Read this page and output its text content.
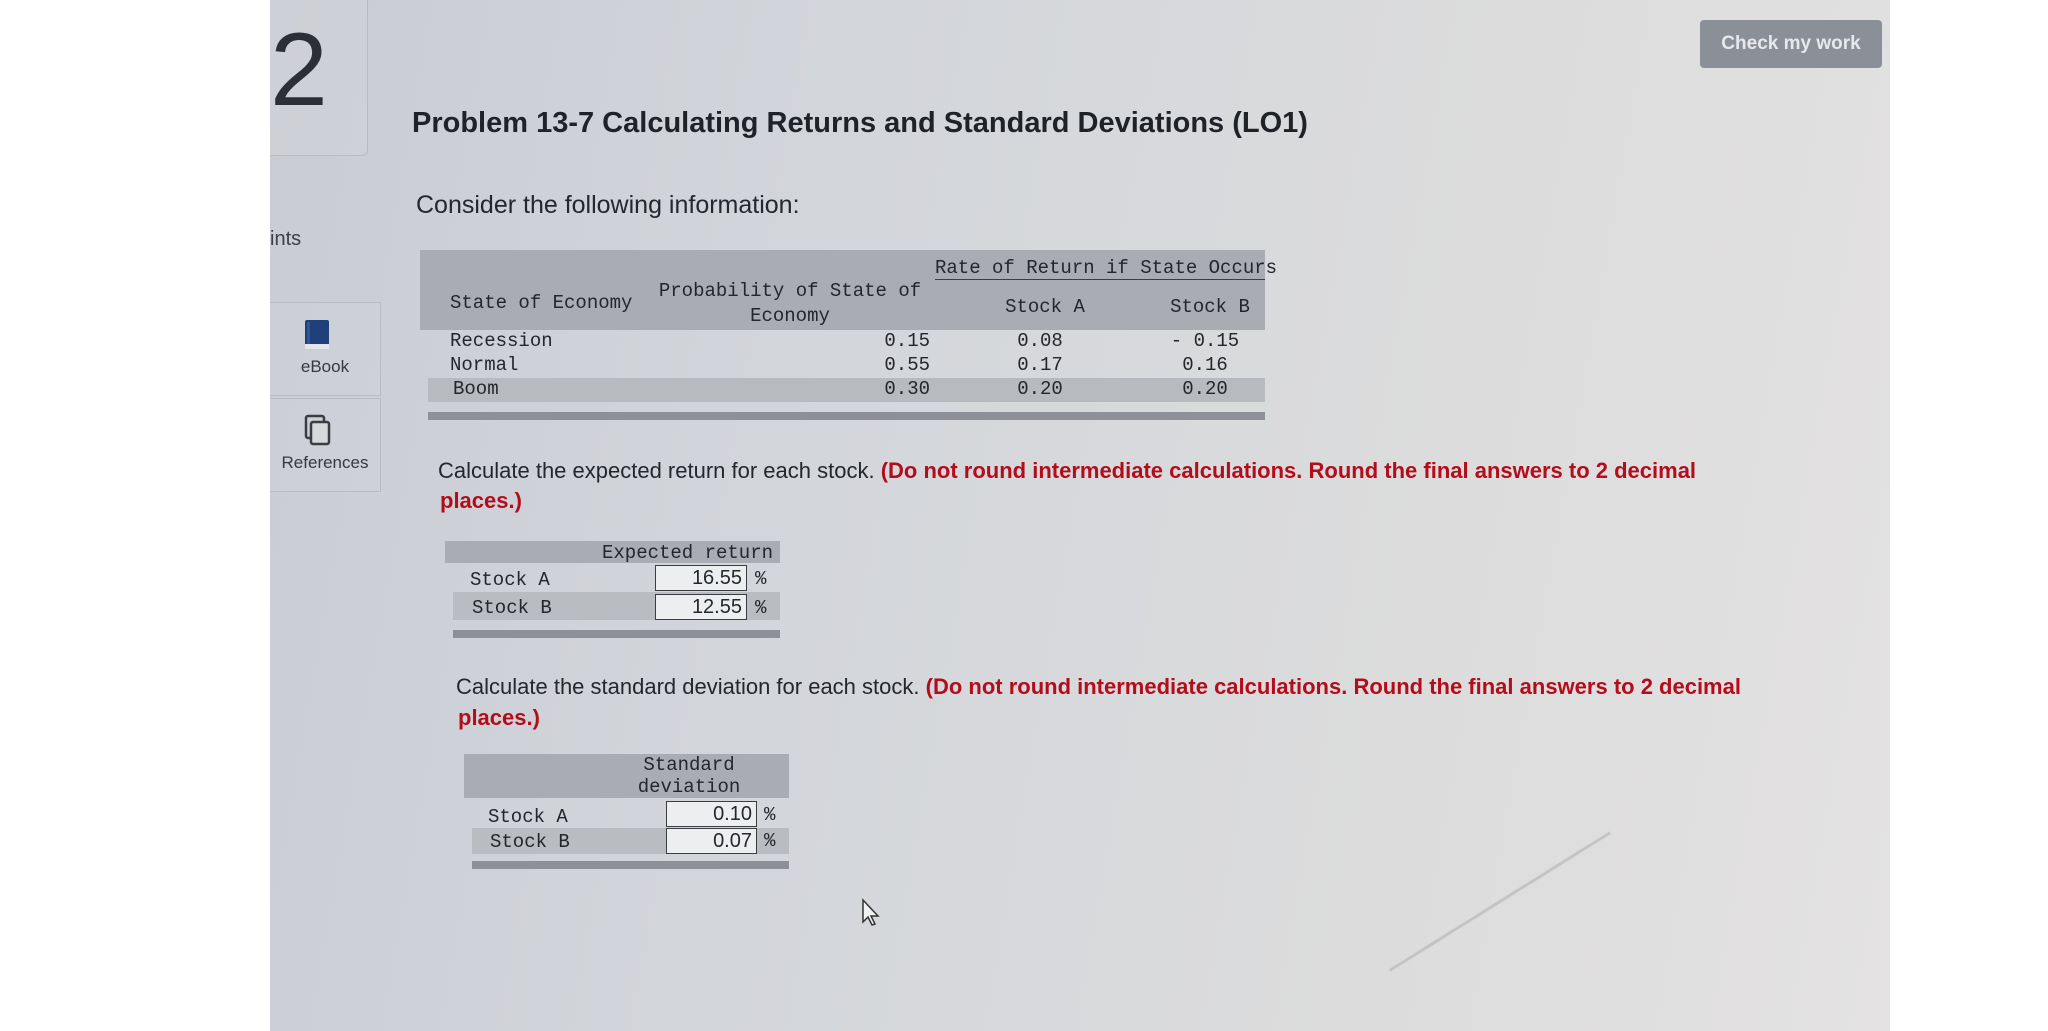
2
ints
eBook
References
Check my work
Problem 13-7 Calculating Returns and Standard Deviations (LO1)
Consider the following information:
Rate of Return if State Occurs
State of Economy
Probability of State of
Economy	Stock A	Stock B
Recession	0.15	0.08	- 0.15
Normal	0.55	0.17	0.16
Boom	0.30	0.20	0.20
Calculate the expected return for each stock. (Do not round intermediate calculations. Round the final answers to 2 decimal
places.)
Expected return
Stock A	16.55 %
Stock B	12.55 %
Calculate the standard deviation for each stock. (Do not round intermediate calculations. Round the final answers to 2 decimal
places.)
Standard
deviation
Stock A	0.10 %
Stock B	0.07 %
